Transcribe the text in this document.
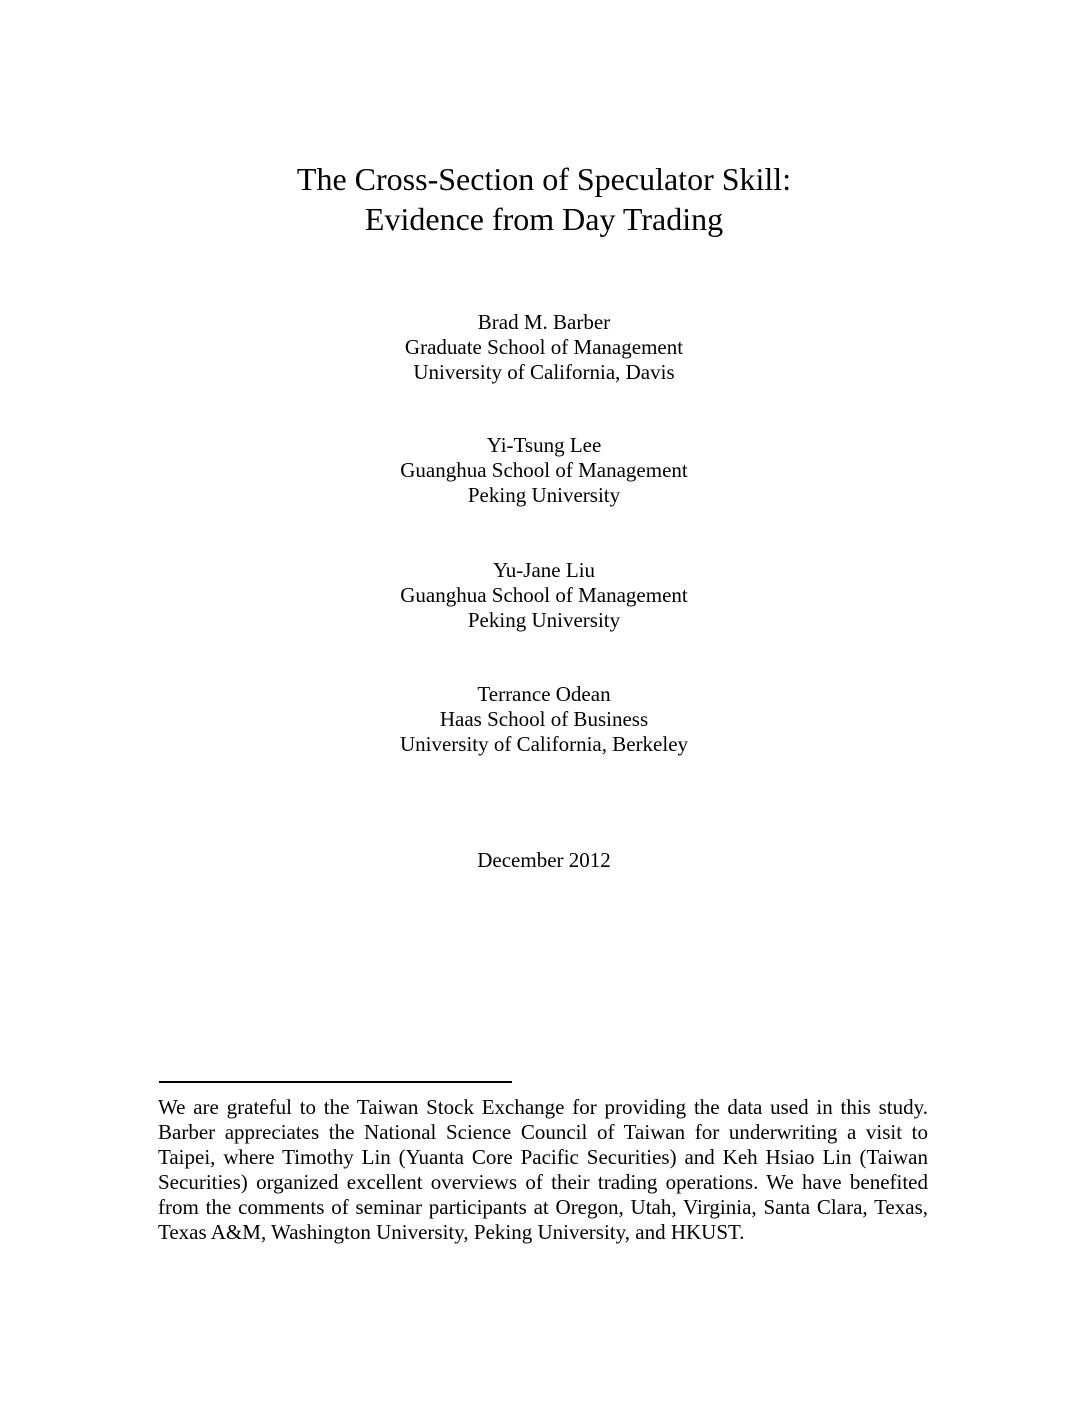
The Cross-Section of Speculator Skill:
Evidence from Day Trading
Brad M. Barber
Graduate School of Management
University of California, Davis
Yi-Tsung Lee
Guanghua School of Management
Peking University
Yu-Jane Liu
Guanghua School of Management
Peking University
Terrance Odean
Haas School of Business
University of California, Berkeley
December 2012
We are grateful to the Taiwan Stock Exchange for providing the data used in this study. Barber appreciates the National Science Council of Taiwan for underwriting a visit to Taipei, where Timothy Lin (Yuanta Core Pacific Securities) and Keh Hsiao Lin (Taiwan Securities) organized excellent overviews of their trading operations. We have benefited from the comments of seminar participants at Oregon, Utah, Virginia, Santa Clara, Texas, Texas A&M, Washington University, Peking University, and HKUST.
